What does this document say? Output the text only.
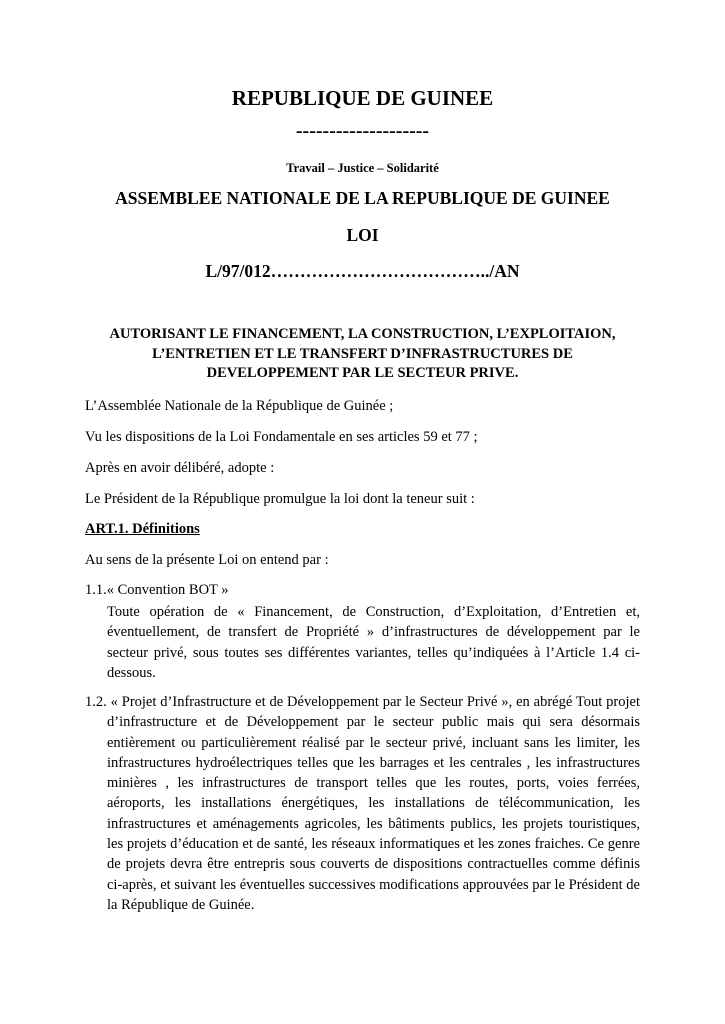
REPUBLIQUE DE GUINEE
--------------------
Travail – Justice – Solidarité
ASSEMBLEE NATIONALE DE LA REPUBLIQUE DE GUINEE
LOI
L/97/012………………………………../AN
AUTORISANT LE FINANCEMENT, LA CONSTRUCTION, L’EXPLOITAION,
L’ENTRETIEN ET LE TRANSFERT D’INFRASTRUCTURES DE
DEVELOPPEMENT PAR LE SECTEUR PRIVE.
L’Assemblée Nationale de la République de Guinée ;
Vu les dispositions de la Loi Fondamentale en ses articles 59 et 77 ;
Après en avoir délibéré, adopte :
Le Président de la République promulgue la loi dont la teneur suit :
ART.1. Définitions
Au sens de la présente Loi on entend par :
1.1.« Convention BOT »
Toute opération de « Financement, de Construction, d’Exploitation, d’Entretien et, éventuellement, de transfert de Propriété » d’infrastructures de développement par le secteur privé, sous toutes ses différentes variantes, telles qu’indiquées à l’Article 1.4 ci-dessous.
1.2. « Projet d’Infrastructure et de Développement par le Secteur Privé », en abrégé Tout projet d’infrastructure et de Développement par le secteur public mais qui sera désormais entièrement ou particulièrement réalisé par le secteur privé, incluant sans les limiter, les infrastructures hydroélectriques telles que les barrages et les centrales , les infrastructures minières , les infrastructures de transport telles que les routes, ports, voies ferrées, aéroports, les installations énergétiques, les installations de télécommunication, les infrastructures et aménagements agricoles, les bâtiments publics, les projets touristiques, les projets d’éducation et de santé, les réseaux informatiques et les zones fraiches. Ce genre de projets devra être entrepris sous couverts de dispositions contractuelles comme définis ci-après, et suivant les éventuelles successives modifications approuvées par le Président de la République de Guinée.
